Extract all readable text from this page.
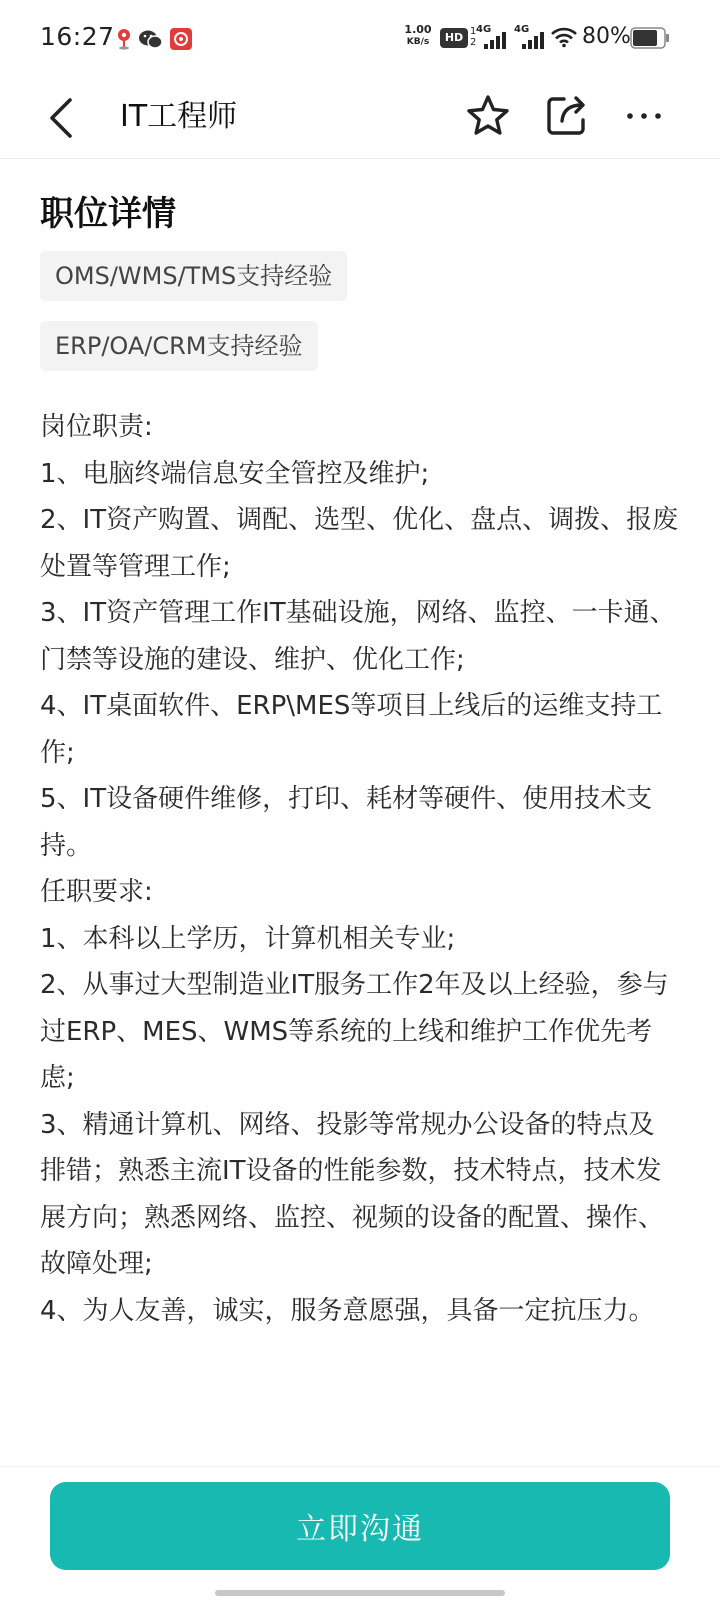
16:27	1.00
KB/s	HD 1
2
4G 4G 80%
IT工程师
职位详情
OMS/WMS/TMS支持经验
ERP/OA/CRM支持经验
岗位职责:
1、电脑终端信息安全管控及维护;
2、IT资产购置、调配、选型、优化、盘点、调拨、报废处置等管理工作;
3、IT资产管理工作IT基础设施，网络、监控、一卡通、门禁等设施的建设、维护、优化工作;
4、IT桌面软件、ERP\MES等项目上线后的运维支持工作;
5、IT设备硬件维修，打印、耗材等硬件、使用技术支持。
任职要求:
1、本科以上学历，计算机相关专业;
2、从事过大型制造业IT服务工作2年及以上经验，参与过ERP、MES、WMS等系统的上线和维护工作优先考虑;
3、精通计算机、网络、投影等常规办公设备的特点及排错；熟悉主流IT设备的性能参数，技术特点，技术发展方向；熟悉网络、监控、视频的设备的配置、操作、故障处理;
4、为人友善，诚实，服务意愿强，具备一定抗压力。
立即沟通
